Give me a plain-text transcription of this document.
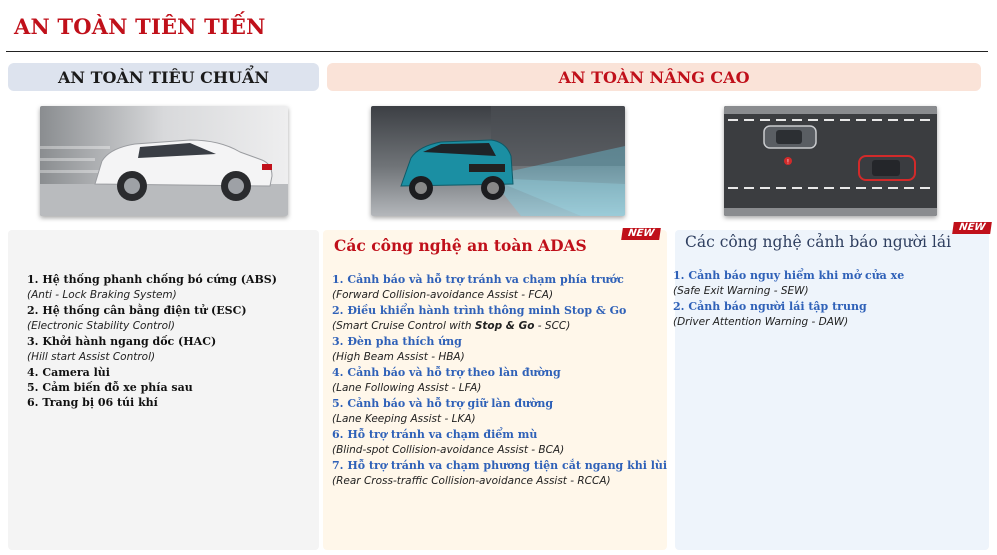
AN TOÀN TIÊN TIẾN
AN TOÀN TIÊU CHUẨN	AN TOÀN NÂNG CAO
!
NEW
NEW
Các công nghệ an toàn ADAS	Các công nghệ cảnh báo người lái
1. Hệ thống phanh chống bó cứng (ABS)
(Anti - Lock Braking System)
2. Hệ thống cân bằng điện tử (ESC)
(Electronic Stability Control)
3. Khởi hành ngang dốc (HAC)
(Hill start Assist Control)
4. Camera lùi
5. Cảm biến đỗ xe phía sau
6. Trang bị 06 túi khí
1. Cảnh báo và hỗ trợ tránh va chạm phía trước
(Forward Collision-avoidance Assist - FCA)
2. Điều khiển hành trình thông minh Stop & Go
(Smart Cruise Control with Stop & Go - SCC)
3. Đèn pha thích ứng
(High Beam Assist - HBA)
4. Cảnh báo và hỗ trợ theo làn đường
(Lane Following Assist - LFA)
5. Cảnh báo và hỗ trợ giữ làn đường
(Lane Keeping Assist - LKA)
6. Hỗ trợ tránh va chạm điểm mù
(Blind-spot Collision-avoidance Assist - BCA)
7. Hỗ trợ tránh va chạm phương tiện cắt ngang khi lùi
(Rear Cross-traffic Collision-avoidance Assist - RCCA)
1. Cảnh báo nguy hiểm khi mở cửa xe
(Safe Exit Warning - SEW)
2. Cảnh báo người lái tập trung
(Driver Attention Warning - DAW)
